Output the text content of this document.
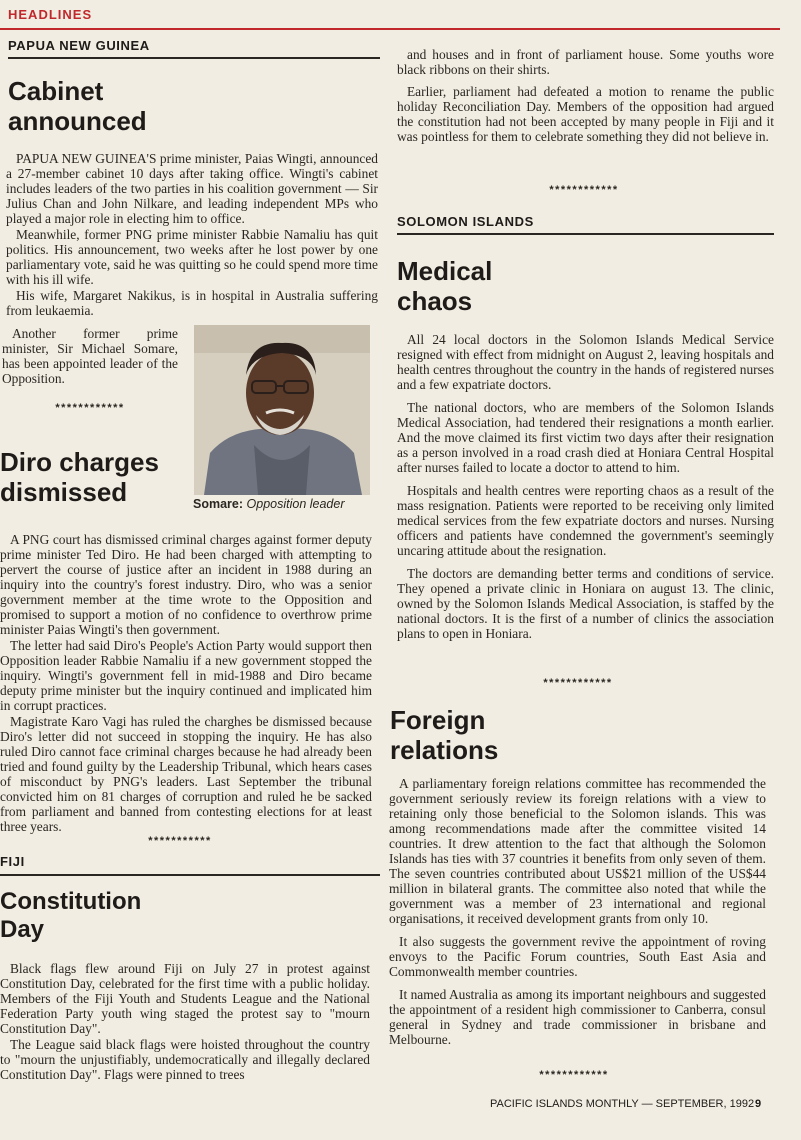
HEADLINES
PAPUA NEW GUINEA
Cabinet
announced

PAPUA NEW GUINEA'S prime minister, Paias Wingti, announced a 27-member cabinet 10 days after taking office. Wingti's cabinet includes leaders of the two parties in his coalition government — Sir Julius Chan and John Nilkare, and leading independent MPs who played a major role in electing him to office.

Meanwhile, former PNG prime minister Rabbie Namaliu has quit politics. His announcement, two weeks after he lost power by one parliamentary vote, said he was quitting so he could spend more time with his ill wife.

His wife, Margaret Nakikus, is in hospital in Australia suffering from leukaemia.

Another former prime minister, Sir Michael Somare, has been appointed leader of the Opposition.

************
Somare: Opposition leader
Diro charges
dismissed

A PNG court has dismissed criminal charges against former deputy prime minister Ted Diro. He had been charged with attempting to pervert the course of justice after an incident in 1988 during an inquiry into the country's forest industry. Diro, who was a senior government member at the time wrote to the Opposition and promised to support a motion of no confidence to overthrow prime minister Paias Wingti's then government.

The letter had said Diro's People's Action Party would support then Opposition leader Rabbie Namaliu if a new government stopped the inquiry. Wingti's government fell in mid-1988 and Diro became deputy prime minister but the inquiry continued and implicated him in corrupt practices.

Magistrate Karo Vagi has ruled the charghes be dismissed because Diro's letter did not succeed in stopping the inquiry. He has also ruled Diro cannot face criminal charges because he had already been tried and found guilty by the Leadership Tribunal, which hears cases of misconduct by PNG's leaders. Last September the tribunal convicted him on 81 charges of corruption and ruled he be sacked from parliament and banned from contesting elections for at least three years.

***********
FIJI
Constitution
Day

Black flags flew around Fiji on July 27 in protest against Constitution Day, celebrated for the first time with a public holiday. Members of the Fiji Youth and Students League and the National Federation Party youth wing staged the protest say to "mourn Constitution Day".

The League said black flags were hoisted throughout the country to "mourn the unjustifiably, undemocratically and illegally declared Constitution Day". Flags were pinned to trees

and houses and in front of parliament house. Some youths wore black ribbons on their shirts.

Earlier, parliament had defeated a motion to rename the public holiday Reconciliation Day. Members of the opposition had argued the constitution had not been accepted by many people in Fiji and it was pointless for them to celebrate something they did not believe in.

************
SOLOMON ISLANDS
Medical
chaos

All 24 local doctors in the Solomon Islands Medical Service resigned with effect from midnight on August 2, leaving hospitals and health centres throughout the country in the hands of registered nurses and a few expatriate doctors.

The national doctors, who are members of the Solomon Islands Medical Association, had tendered their resignations a month earlier. And the move claimed its first victim two days after their resignation as a person involved in a road crash died at Honiara Central Hospital after nurses failed to locate a doctor to attend to him.

Hospitals and health centres were reporting chaos as a result of the mass resignation. Patients were reported to be receiving only limited medical services from the few expatriate doctors and nurses. Nursing officers and patients have condemned the government's seemingly uncaring attitude about the resignation.

The doctors are demanding better terms and conditions of service. They opened a private clinic in Honiara on august 13. The clinic, owned by the Solomon Islands Medical Association, is staffed by the national doctors. It is the first of a number of clinics the association plans to open in Honiara.

************
Foreign
relations

A parliamentary foreign relations committee has recommended the government seriously review its foreign relations with a view to retaining only those beneficial to the Solomon islands. This was among recommendations made after the committee visited 14 countries. It drew attention to the fact that although the Solomon Islands has ties with 37 countries it benefits from only seven of them. The seven countries contributed about US$21 million of the US$44 million in bilateral grants. The committee also noted that while the government was a member of 23 international and regional organisations, it received development grants from only 10.

It also suggests the government revive the appointment of roving envoys to the Pacific Forum countries, South East Asia and Commonwealth member countries.

It named Australia as among its important neighbours and suggested the appointment of a resident high commissioner to Canberra, consul general in Sydney and trade commissioner in brisbane and Melbourne.

************
PACIFIC ISLANDS MONTHLY — SEPTEMBER, 1992 9
